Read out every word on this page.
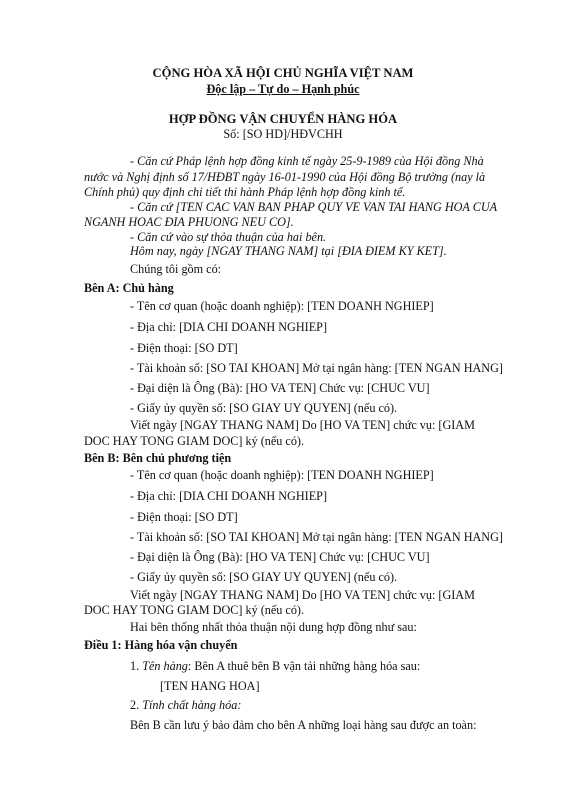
CỘNG HÒA XÃ HỘI CHỦ NGHĨA VIỆT NAM
Độc lập – Tự do – Hạnh phúc
HỢP ĐỒNG VẬN CHUYỂN HÀNG HÓA
Số: [SO HD]/HĐVCHH
- Căn cứ Pháp lệnh hợp đồng kinh tế ngày 25-9-1989 của Hội đồng Nhà
nước và Nghị định số 17/HĐBT ngày 16-01-1990 của Hội đồng Bộ trưởng (nay là
Chính phủ) quy định chi tiết thi hành Pháp lệnh hợp đồng kinh tế.
- Căn cứ [TEN CAC VAN BAN PHAP QUY VE VAN TAI HANG HOA CUA
NGANH HOAC ĐIA PHUONG NEU CO].
- Căn cứ vào sự thỏa thuận của hai bên.
Hôm nay, ngày [NGAY THANG NAM] tại [ĐIA ĐIEM KY KET].
Chúng tôi gồm có:
Bên A: Chủ hàng
- Tên cơ quan (hoặc doanh nghiệp): [TEN DOANH NGHIEP]
- Địa chỉ: [DIA CHI DOANH NGHIEP]
- Điện thoại: [SO DT]
- Tài khoản số: [SO TAI KHOAN] Mở tại ngân hàng: [TEN NGAN HANG]
- Đại diện là Ông (Bà): [HO VA TEN] Chức vụ: [CHUC VU]
- Giấy ủy quyền số: [SO GIAY UY QUYEN] (nếu có).
Viết ngày [NGAY THANG NAM] Do [HO VA TEN] chức vụ: [GIAM
DOC HAY TONG GIAM DOC] ký (nếu có).
Bên B: Bên chủ phương tiện
- Tên cơ quan (hoặc doanh nghiệp): [TEN DOANH NGHIEP]
- Địa chỉ: [DIA CHI DOANH NGHIEP]
- Điện thoại: [SO DT]
- Tài khoản số: [SO TAI KHOAN] Mở tại ngân hàng: [TEN NGAN HANG]
- Đại diện là Ông (Bà): [HO VA TEN] Chức vụ: [CHUC VU]
- Giấy ủy quyền số: [SO GIAY UY QUYEN] (nếu có).
Viết ngày [NGAY THANG NAM] Do [HO VA TEN] chức vụ: [GIAM
DOC HAY TONG GIAM DOC] ký (nếu có).
Hai bên thống nhất thỏa thuận nội dung hợp đồng như sau:
Điều 1: Hàng hóa vận chuyển
1. Tên hàng: Bên A thuê bên B vận tải những hàng hóa sau:
[TEN HANG HOA]
2. Tính chất hàng hóa:
Bên B cần lưu ý bảo đảm cho bên A những loại hàng sau được an toàn:
